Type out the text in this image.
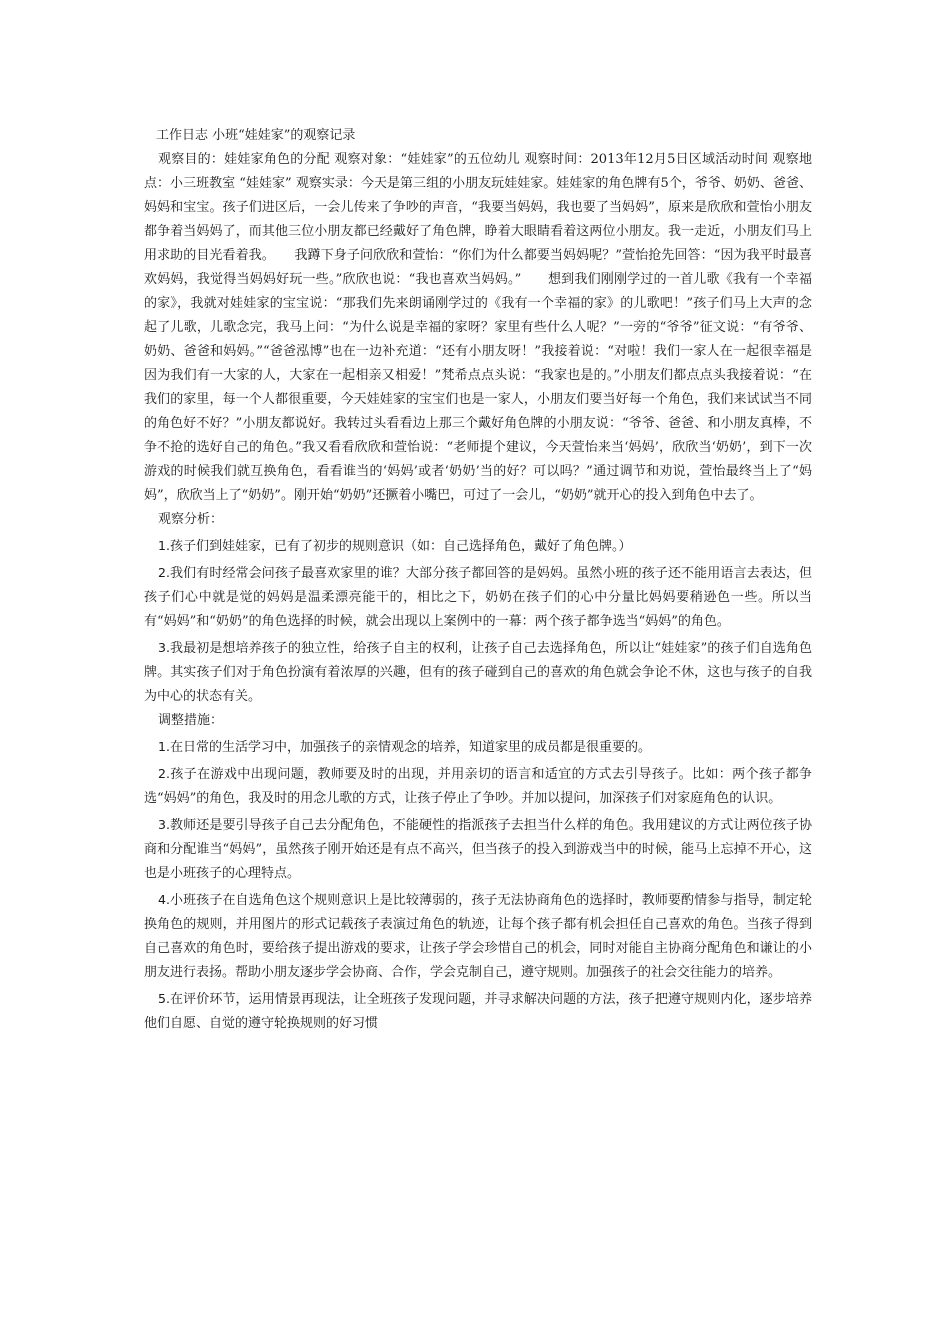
工作日志 小班“娃娃家”的观察记录

观察目的：娃娃家角色的分配 观察对象：“娃娃家”的五位幼儿 观察时间：2013年12月5日区域活动时间 观察地点：小三班教室 “娃娃家” 观察实录：今天是第三组的小朋友玩娃娃家。娃娃家的角色牌有5个，爷爷、奶奶、爸爸、妈妈和宝宝。孩子们进区后，一会儿传来了争吵的声音，“我要当妈妈，我也要了当妈妈”，原来是欣欣和萱怡小朋友都争着当妈妈了，而其他三位小朋友都已经戴好了角色牌，睁着大眼睛看着这两位小朋友。我一走近，小朋友们马上用求助的目光看着我。　　我蹲下身子问欣欣和萱怡：“你们为什么都要当妈妈呢？”萱怡抢先回答：“因为我平时最喜欢妈妈，我觉得当妈妈好玩一些。”欣欣也说：“我也喜欢当妈妈。”　　想到我们刚刚学过的一首儿歌《我有一个幸福的家》，我就对娃娃家的宝宝说：“那我们先来朗诵刚学过的《我有一个幸福的家》的儿歌吧！”孩子们马上大声的念起了儿歌，儿歌念完，我马上问：“为什么说是幸福的家呀？家里有些什么人呢？”一旁的“爷爷”征文说：“有爷爷、奶奶、爸爸和妈妈。”“爸爸泓博”也在一边补充道：“还有小朋友呀！”我接着说：“对啦！我们一家人在一起很幸福是因为我们有一大家的人，大家在一起相亲又相爱！”梵希点点头说：“我家也是的。”小朋友们都点点头我接着说：“在我们的家里，每一个人都很重要，今天娃娃家的宝宝们也是一家人，小朋友们要当好每一个角色，我们来试试当不同的角色好不好？”小朋友都说好。我转过头看看边上那三个戴好角色牌的小朋友说：“爷爷、爸爸、和小朋友真棒，不争不抢的选好自己的角色。”我又看看欣欣和萱怡说：“老师提个建议，今天萱怡来当‘妈妈’，欣欣当‘奶奶’，到下一次游戏的时候我们就互换角色，看看谁当的‘妈妈’或者‘奶奶’当的好？可以吗？”通过调节和劝说，萱怡最终当上了“妈妈”，欣欣当上了“奶奶”。刚开始“奶奶”还撅着小嘴巴，可过了一会儿，“奶奶”就开心的投入到角色中去了。

观察分析：

1.孩子们到娃娃家，已有了初步的规则意识（如：自己选择角色，戴好了角色牌。）

2.我们有时经常会问孩子最喜欢家里的谁？大部分孩子都回答的是妈妈。虽然小班的孩子还不能用语言去表达，但孩子们心中就是觉的妈妈是温柔漂亮能干的，相比之下，奶奶在孩子们的心中分量比妈妈要稍逊色一些。所以当有“妈妈”和“奶奶”的角色选择的时候，就会出现以上案例中的一幕：两个孩子都争选当“妈妈”的角色。

3.我最初是想培养孩子的独立性，给孩子自主的权利，让孩子自己去选择角色，所以让“娃娃家”的孩子们自选角色牌。其实孩子们对于角色扮演有着浓厚的兴趣，但有的孩子碰到自己的喜欢的角色就会争论不休，这也与孩子的自我为中心的状态有关。

调整措施：

1.在日常的生活学习中，加强孩子的亲情观念的培养，知道家里的成员都是很重要的。

2.孩子在游戏中出现问题，教师要及时的出现，并用亲切的语言和适宜的方式去引导孩子。比如：两个孩子都争选“妈妈”的角色，我及时的用念儿歌的方式，让孩子停止了争吵。并加以提问，加深孩子们对家庭角色的认识。

3.教师还是要引导孩子自己去分配角色，不能硬性的指派孩子去担当什么样的角色。我用建议的方式让两位孩子协商和分配谁当“妈妈”，虽然孩子刚开始还是有点不高兴，但当孩子的投入到游戏当中的时候，能马上忘掉不开心，这也是小班孩子的心理特点。

4.小班孩子在自选角色这个规则意识上是比较薄弱的，孩子无法协商角色的选择时，教师要酌情参与指导，制定轮换角色的规则，并用图片的形式记载孩子表演过角色的轨迹，让每个孩子都有机会担任自己喜欢的角色。当孩子得到自己喜欢的角色时，要给孩子提出游戏的要求，让孩子学会珍惜自己的机会，同时对能自主协商分配角色和谦让的小朋友进行表扬。帮助小朋友逐步学会协商、合作，学会克制自己，遵守规则。加强孩子的社会交往能力的培养。

5.在评价环节，运用情景再现法，让全班孩子发现问题，并寻求解决问题的方法，孩子把遵守规则内化，逐步培养他们自愿、自觉的遵守轮换规则的好习惯
